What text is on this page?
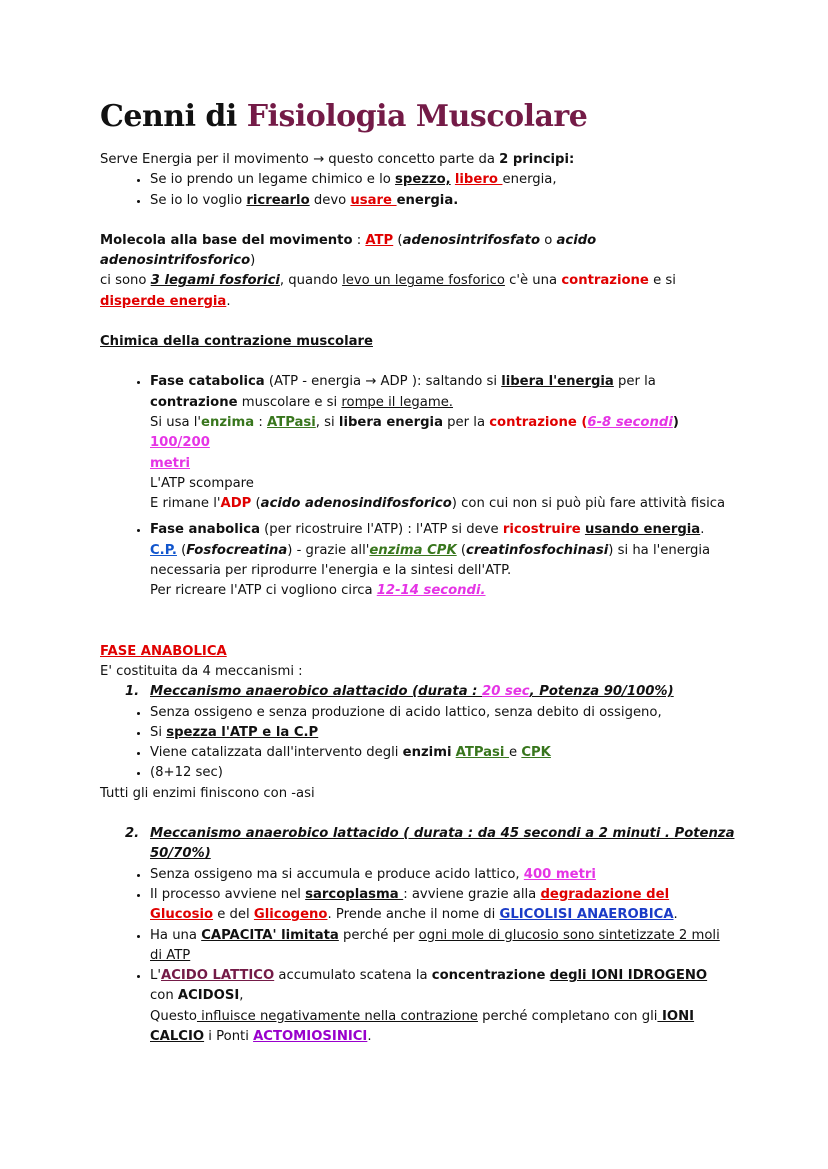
Cenni di Fisiologia Muscolare

Serve Energia per il movimento → questo concetto parte da 2 principi:

• Se io prendo un legame chimico e lo spezzo, libero energia,
• Se io lo voglio ricrearlo devo usare energia.

Molecola alla base del movimento : ATP (adenosintrifosfato o acido adenosintrifosforico)
ci sono 3 legami fosforici, quando levo un legame fosforico c'è una contrazione e si
disperde energia.

Chimica della contrazione muscolare

• Fase catabolica (ATP - energia → ADP ): saltando si libera l'energia per la
contrazione muscolare e si rompe il legame.
Si usa l'enzima : ATPasi, si libera energia per la contrazione (6-8 secondi) 100/200
metri
L'ATP scompare
E rimane l'ADP (acido adenosindifosforico) con cui non si può più fare attività fisica
• Fase anabolica (per ricostruire l'ATP) : l'ATP si deve ricostruire usando energia.
C.P. (Fosfocreatina) - grazie all'enzima CPK (creatinfosfochinasi) si ha l'energia
necessaria per riprodurre l'energia e la sintesi dell'ATP.
Per ricreare l'ATP ci vogliono circa 12-14 secondi.

FASE ANABOLICA

E' costituita da 4 meccanismi :

1. Meccanismo anaerobico alattacido (durata : 20 sec, Potenza 90/100%)
• Senza ossigeno e senza produzione di acido lattico, senza debito di ossigeno,
• Si spezza l'ATP e la C.P
• Viene catalizzata dall'intervento degli enzimi ATPasi e CPK
• (8+12 sec)

Tutti gli enzimi finiscono con -asi

2. Meccanismo anaerobico lattacido ( durata : da 45 secondi a 2 minuti . Potenza
50/70%)
• Senza ossigeno ma si accumula e produce acido lattico, 400 metri
• Il processo avviene nel sarcoplasma : avviene grazie alla degradazione del
Glucosio e del Glicogeno. Prende anche il nome di GLICOLISI ANAEROBICA.
• Ha una CAPACITA' limitata perché per ogni mole di glucosio sono sintetizzate 2 moli
di ATP
• L'ACIDO LATTICO accumulato scatena la concentrazione degli IONI IDROGENO
con ACIDOSI,
Questo influisce negativamente nella contrazione perché completano con gli IONI
CALCIO i Ponti ACTOMIOSINICI.
